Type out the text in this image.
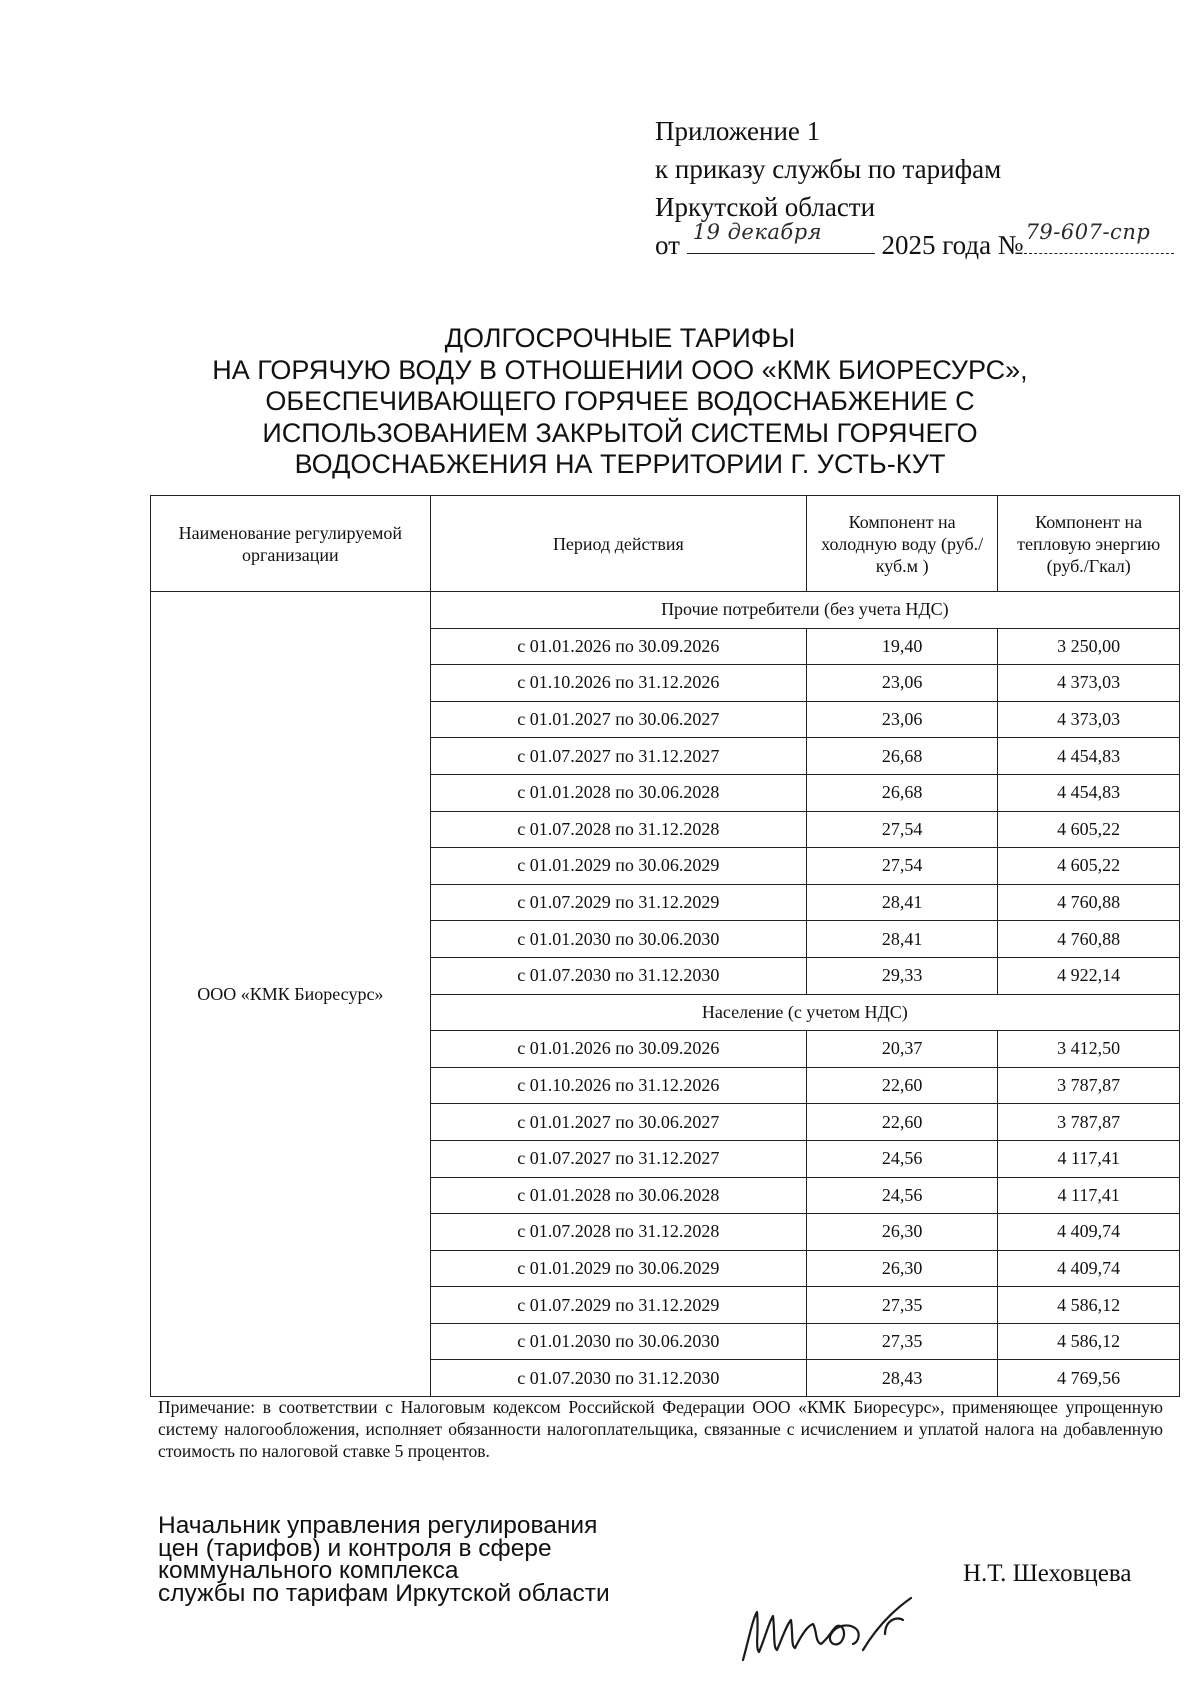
Приложение 1
к приказу службы по тарифам
Иркутской области
от 19 декабря 2025 года № 79-607-спр
ДОЛГОСРОЧНЫЕ ТАРИФЫ
НА ГОРЯЧУЮ ВОДУ В ОТНОШЕНИИ ООО «КМК БИОРЕСУРС»,
ОБЕСПЕЧИВАЮЩЕГО ГОРЯЧЕЕ ВОДОСНАБЖЕНИЕ С
ИСПОЛЬЗОВАНИЕМ ЗАКРЫТОЙ СИСТЕМЫ ГОРЯЧЕГО
ВОДОСНАБЖЕНИЯ НА ТЕРРИТОРИИ Г. УСТЬ-КУТ
Наименование регулируемой организации	Период действия	Компонент на холодную воду (руб./куб.м )	Компонент на тепловую энергию (руб./Гкал)
ООО «КМК Биоресурс»	Прочие потребители (без учета НДС)		
	с 01.01.2026 по 30.09.2026	19,40	3 250,00
	с 01.10.2026 по 31.12.2026	23,06	4 373,03
	с 01.01.2027 по 30.06.2027	23,06	4 373,03
	с 01.07.2027 по 31.12.2027	26,68	4 454,83
	с 01.01.2028 по 30.06.2028	26,68	4 454,83
	с 01.07.2028 по 31.12.2028	27,54	4 605,22
	с 01.01.2029 по 30.06.2029	27,54	4 605,22
	с 01.07.2029 по 31.12.2029	28,41	4 760,88
	с 01.01.2030 по 30.06.2030	28,41	4 760,88
	с 01.07.2030 по 31.12.2030	29,33	4 922,14
	Население (с учетом НДС)		
	с 01.01.2026 по 30.09.2026	20,37	3 412,50
	с 01.10.2026 по 31.12.2026	22,60	3 787,87
	с 01.01.2027 по 30.06.2027	22,60	3 787,87
	с 01.07.2027 по 31.12.2027	24,56	4 117,41
	с 01.01.2028 по 30.06.2028	24,56	4 117,41
	с 01.07.2028 по 31.12.2028	26,30	4 409,74
	с 01.01.2029 по 30.06.2029	26,30	4 409,74
	с 01.07.2029 по 31.12.2029	27,35	4 586,12
	с 01.01.2030 по 30.06.2030	27,35	4 586,12
	с 01.07.2030 по 31.12.2030	28,43	4 769,56
Примечание: в соответствии с Налоговым кодексом Российской Федерации ООО «КМК Биоресурс», применяющее упрощенную систему налогообложения, исполняет обязанности налогоплательщика, связанные с исчислением и уплатой налога на добавленную стоимость по налоговой ставке 5 процентов.
Начальник управления регулирования
цен (тарифов) и контроля в сфере
коммунального комплекса
службы по тарифам Иркутской области
Н.Т. Шеховцева
